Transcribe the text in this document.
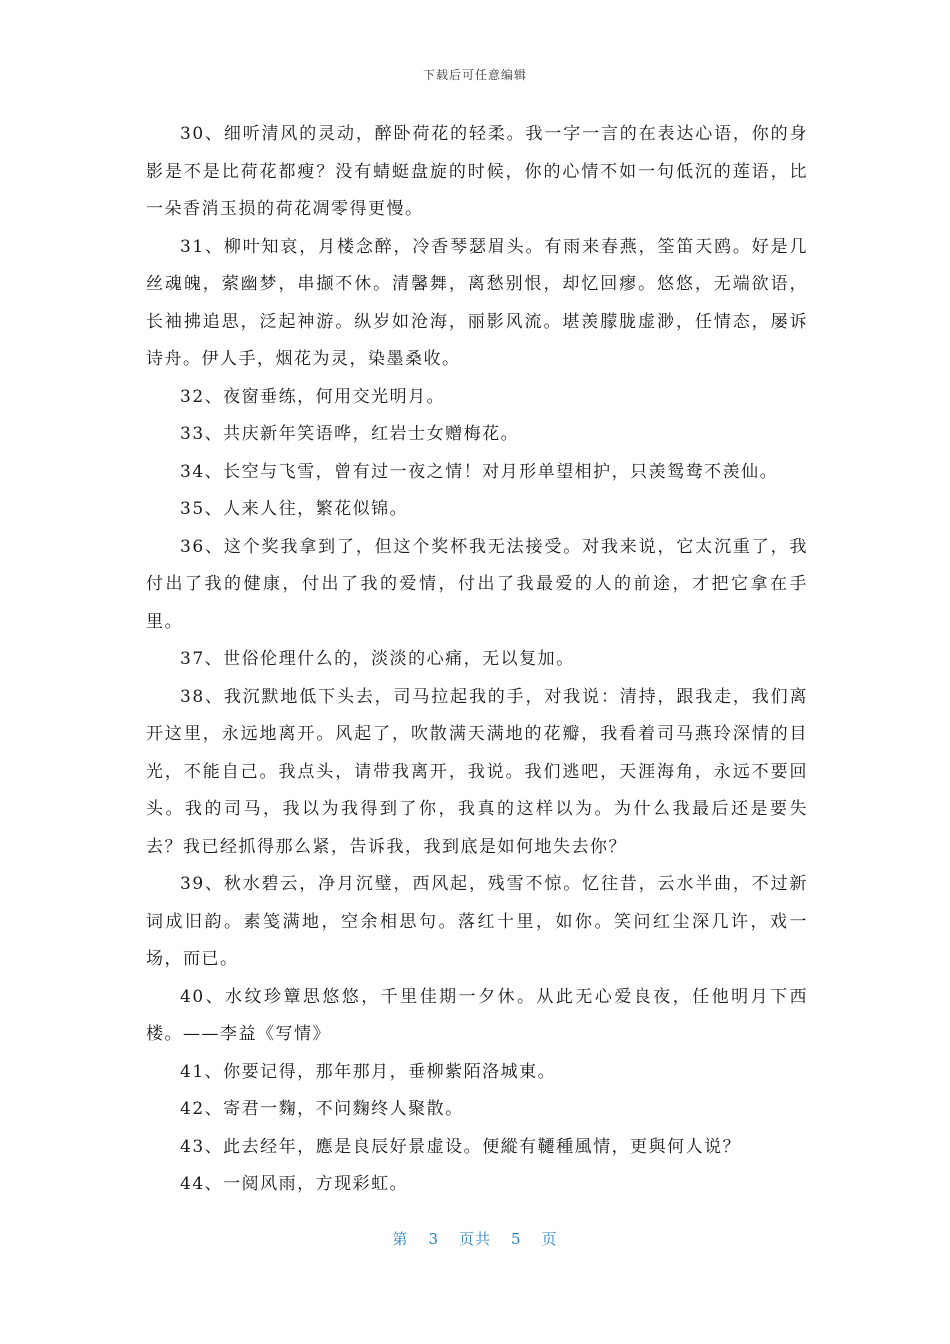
下载后可任意编辑

30、细听清风的灵动，醉卧荷花的轻柔。我一字一言的在表达心语，你的身影是不是比荷花都瘦？没有蜻蜓盘旋的时候，你的心情不如一句低沉的莲语，比一朵香消玉损的荷花凋零得更慢。

31、柳叶知哀，月楼念醉，冷香琴瑟眉头。有雨来春燕，筌笛天鸥。好是几丝魂魄，萦幽梦，串撷不休。清馨舞，离愁别恨，却忆回瘳。悠悠，无端欲语，长袖拂追思，泛起神游。纵岁如沧海，丽影风流。堪羡朦胧虚渺，任情态，屡诉诗舟。伊人手，烟花为灵，染墨桑收。

32、夜窗垂练，何用交光明月。

33、共庆新年笑语哗，红岩士女赠梅花。

34、长空与飞雪，曾有过一夜之情！对月形单望相护，只羡鸳鸯不羡仙。

35、人来人往，繁花似锦。

36、这个奖我拿到了，但这个奖杯我无法接受。对我来说，它太沉重了，我付出了我的健康，付出了我的爱情，付出了我最爱的人的前途，才把它拿在手里。

37、世俗伦理什么的，淡淡的心痛，无以复加。

38、我沉默地低下头去，司马拉起我的手，对我说：清持，跟我走，我们离开这里，永远地离开。风起了，吹散满天满地的花瓣，我看着司马燕玲深情的目光，不能自己。我点头，请带我离开，我说。我们逃吧，天涯海角，永远不要回头。我的司马，我以为我得到了你，我真的这样以为。为什么我最后还是要失去？我已经抓得那么紧，告诉我，我到底是如何地失去你？

39、秋水碧云，净月沉璧，西风起，残雪不惊。忆往昔，云水半曲，不过新词成旧韵。素笺满地，空余相思句。落红十里，如你。笑问红尘深几许，戏一场，而已。

40、水纹珍簟思悠悠，千里佳期一夕休。从此无心爱良夜，任他明月下西楼。——李益《写情》

41、你要记得，那年那月，垂柳紫陌洛城東。

42、寄君一麴，不问麴终人聚散。

43、此去经年，應是良辰好景虚设。便縱有韆種風情，更與何人说？

44、一阅风雨，方现彩虹。

第 3 页共 5 页
